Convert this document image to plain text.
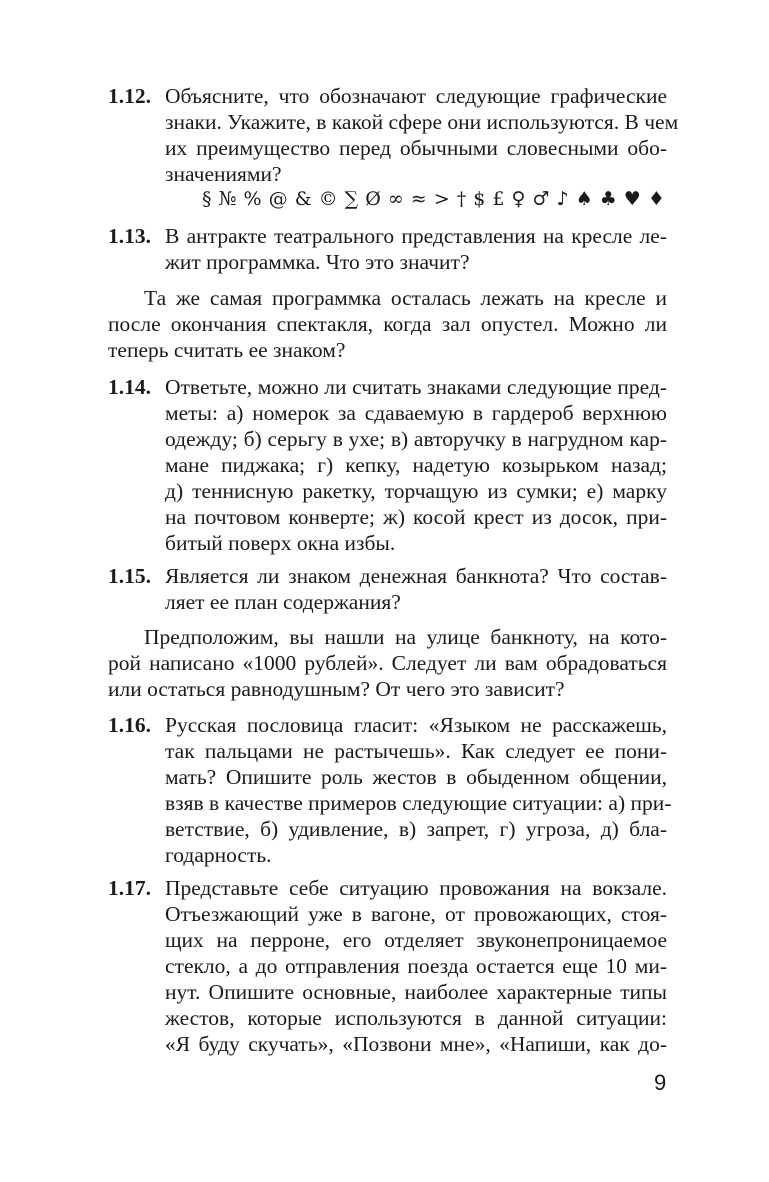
1.12. Объясните, что обозначают следующие графические
знаки. Укажите, в какой сфере они используются. В чем
их преимущество перед обычными словесными обо-
значениями?
§ № % @ & © ∑ Ø ∞ ≈ > † $ £ ♀ ♂ ♪ ♠ ♣ ♥ ♦
1.13. В антракте театрального представления на кресле ле-
жит программка. Что это значит?
Та же самая программка осталась лежать на кресле и
после окончания спектакля, когда зал опустел. Можно ли
теперь считать ее знаком?
1.14. Ответьте, можно ли считать знаками следующие пред-
меты: а) номерок за сдаваемую в гардероб верхнюю
одежду; б) серьгу в ухе; в) авторучку в нагрудном кар-
мане пиджака; г) кепку, надетую козырьком назад;
д) теннисную ракетку, торчащую из сумки; е) марку
на почтовом конверте; ж) косой крест из досок, при-
битый поверх окна избы.
1.15. Является ли знаком денежная банкнота? Что состав-
ляет ее план содержания?
Предположим, вы нашли на улице банкноту, на кото-
рой написано «1000 рублей». Следует ли вам обрадоваться
или остаться равнодушным? От чего это зависит?
1.16. Русская пословица гласит: «Языком не расскажешь,
так пальцами не растычешь». Как следует ее пони-
мать? Опишите роль жестов в обыденном общении,
взяв в качестве примеров следующие ситуации: а) при-
ветствие, б) удивление, в) запрет, г) угроза, д) бла-
годарность.
1.17. Представьте себе ситуацию провожания на вокзале.
Отъезжающий уже в вагоне, от провожающих, стоя-
щих на перроне, его отделяет звуконепроницаемое
стекло, а до отправления поезда остается еще 10 ми-
нут. Опишите основные, наиболее характерные типы
жестов, которые используются в данной ситуации:
«Я буду скучать», «Позвони мне», «Напиши, как до-
9
